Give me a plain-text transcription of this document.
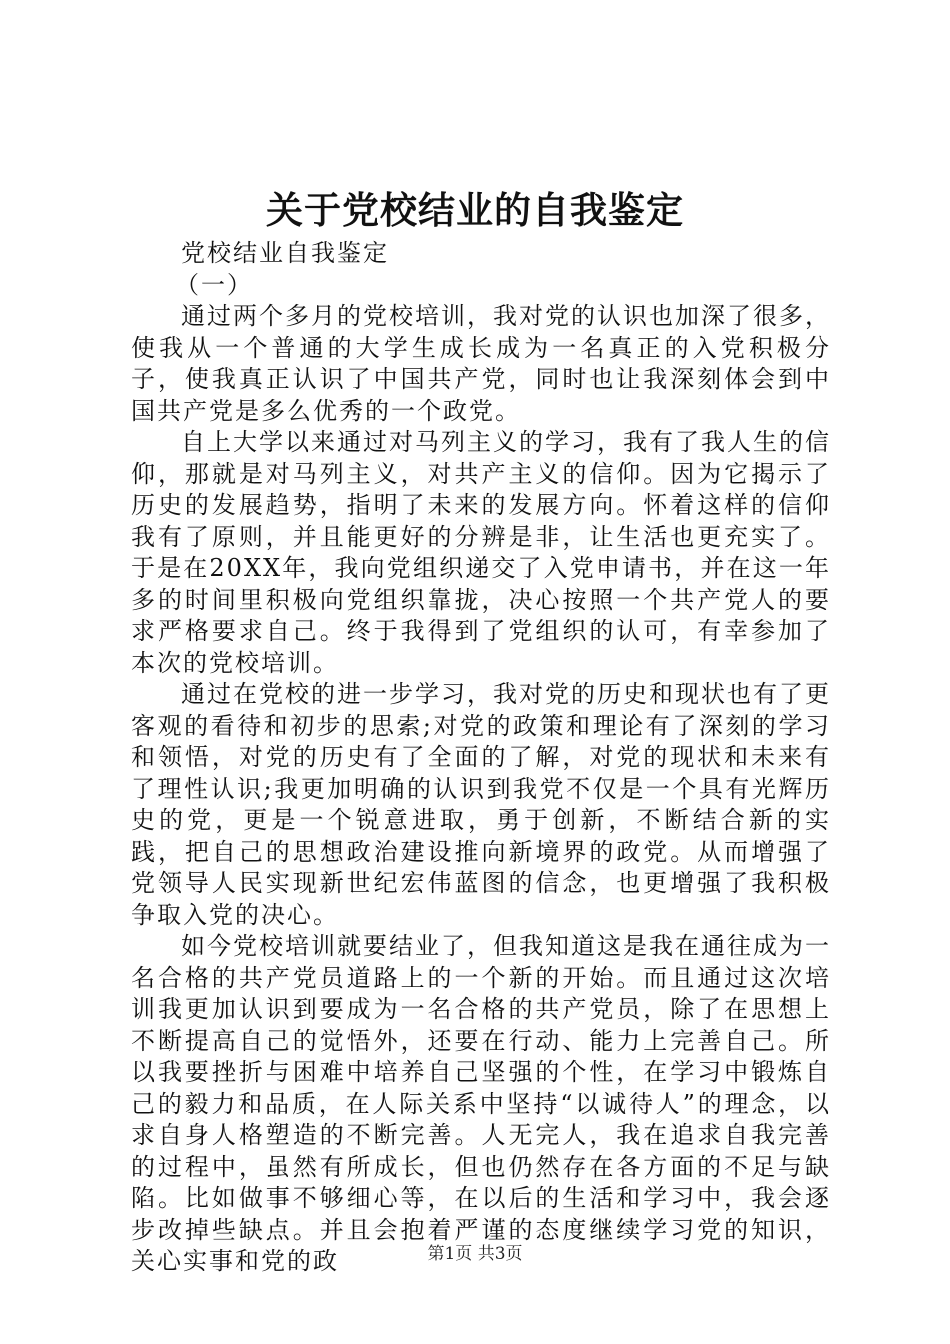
关于党校结业的自我鉴定

党校结业自我鉴定

（一）

通过两个多月的党校培训，我对党的认识也加深了很多，使我从一个普通的大学生成长成为一名真正的入党积极分子，使我真正认识了中国共产党，同时也让我深刻体会到中国共产党是多么优秀的一个政党。

自上大学以来通过对马列主义的学习，我有了我人生的信仰，那就是对马列主义，对共产主义的信仰。因为它揭示了历史的发展趋势，指明了未来的发展方向。怀着这样的信仰我有了原则，并且能更好的分辨是非，让生活也更充实了。于是在20XX年，我向党组织递交了入党申请书，并在这一年多的时间里积极向党组织靠拢，决心按照一个共产党人的要求严格要求自己。终于我得到了党组织的认可，有幸参加了本次的党校培训。

通过在党校的进一步学习，我对党的历史和现状也有了更客观的看待和初步的思索;对党的政策和理论有了深刻的学习和领悟，对党的历史有了全面的了解，对党的现状和未来有了理性认识;我更加明确的认识到我党不仅是一个具有光辉历史的党，更是一个锐意进取，勇于创新，不断结合新的实践，把自己的思想政治建设推向新境界的政党。从而增强了党领导人民实现新世纪宏伟蓝图的信念，也更增强了我积极争取入党的决心。

如今党校培训就要结业了，但我知道这是我在通往成为一名合格的共产党员道路上的一个新的开始。而且通过这次培训我更加认识到要成为一名合格的共产党员，除了在思想上不断提高自己的觉悟外，还要在行动、能力上完善自己。所以我要挫折与困难中培养自己坚强的个性，在学习中锻炼自己的毅力和品质，在人际关系中坚持“以诚待人”的理念，以求自身人格塑造的不断完善。人无完人，我在追求自我完善的过程中，虽然有所成长，但也仍然存在各方面的不足与缺陷。比如做事不够细心等，在以后的生活和学习中，我会逐步改掉些缺点。并且会抱着严谨的态度继续学习党的知识，关心实事和党的政	第1页 共3页
